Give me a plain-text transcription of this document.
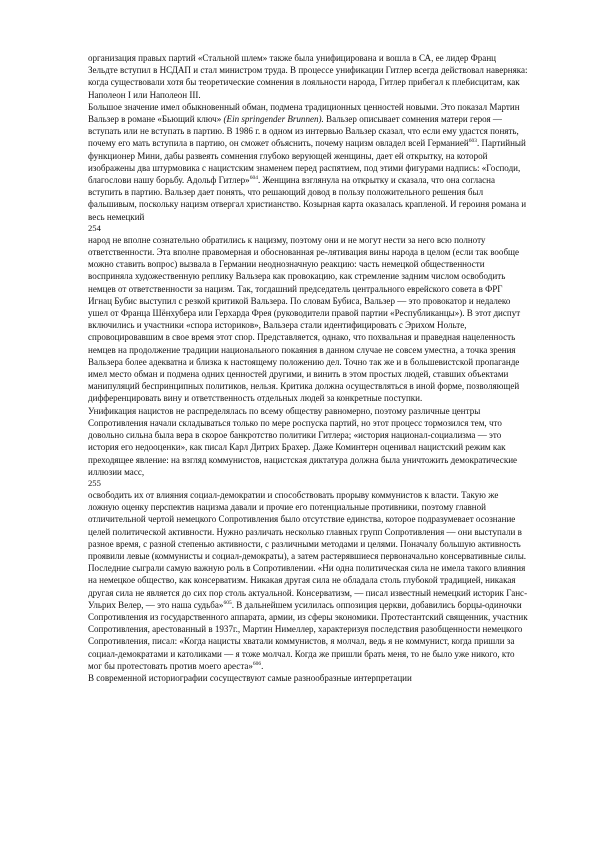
организация правых партий «Стальной шлем» также была унифицирована и вошла в СА, ее лидер Франц Зельдте вступил в НСДАП и стал министром труда. В процессе унификации Гитлер всегда действовал наверняка: когда существовали хотя бы теоретические сомнения в лояльности народа, Гитлер прибегал к плебисцитам, как Наполеон I или Наполеон III.

Большое значение имел обыкновенный обман, подмена традиционных ценностей новыми. Это показал Мартин Вальзер в романе «Бьющий ключ» (Ein springender Brunnen). Вальзер описывает сомнения матери героя — вступать или не вступать в партию. В 1986 г. в одном из интервью Вальзер сказал, что если ему удастся понять, почему его мать вступила в партию, он сможет объяснить, почему нацизм овладел всей Германией$^{603}$. Партийный функционер Мини, дабы развеять сомнения глубоко верующей женщины, дает ей открытку, на которой изображены два штурмовика с нацистским знаменем перед распятием, под этими фигурами надпись: «Господи, благослови нашу борьбу. Адольф Гитлер»$^{604}$. Женщина взглянула на открытку и сказала, что она согласна вступить в партию. Вальзер дает понять, что решающий довод в пользу положительного решения был фальшивым, поскольку нацизм отвергал христианство. Козырная карта оказалась крапленой. И героиня романа и весь немецкий

254

народ не вполне сознательно обратились к нацизму, поэтому они и не могут нести за него всю полноту ответственности. Эта вполне правомерная и обоснованная ре-лятивация вины народа в целом (если так вообще можно ставить вопрос) вызвала в Германии неоднозначную реакцию: часть немецкой общественности восприняла художественную реплику Вальзера как провокацию, как стремление задним числом освободить немцев от ответственности за нацизм. Так, тогдашний председатель центрального еврейского совета в ФРГ Игнац Бубис выступил с резкой критикой Вальзера. По словам Бубиса, Вальзер — это провокатор и недалеко ушел от Франца Шёнхубера или Герхарда Фрея (руководители правой партии «Республиканцы»). В этот диспут включились и участники «спора историков», Вальзера стали идентифицировать с Эрихом Нольте, спровоцировавшим в свое время этот спор. Представляется, однако, что похвальная и праведная нацеленность немцев на продолжение традиции национального покаяния в данном случае не совсем уместна, а точка зрения Вальзера более адекватна и близка к настоящему положению дел. Точно так же и в большевистской пропаганде имел место обман и подмена одних ценностей другими, и винить в этом простых людей, ставших объектами манипуляций беспринципных политиков, нельзя. Критика должна осуществляться в иной форме, позволяющей дифференцировать вину и ответственность отдельных людей за конкретные поступки.

Унификация нацистов не распределялась по всему обществу равномерно, поэтому различные центры Сопротивления начали складываться только по мере роспуска партий, но этот процесс тормозился тем, что довольно сильна была вера в скорое банкротство политики Гитлера; «история национал-социализма — это история его недооценки», как писал Карл Дитрих Брахер. Даже Коминтерн оценивал нацистский режим как преходящее явление: на взгляд коммунистов, нацистская диктатура должна была уничтожить демократические иллюзии масс,

255

освободить их от влияния социал-демократии и способствовать прорыву коммунистов к власти. Такую же ложную оценку перспектив нацизма давали и прочие его потенциальные противники, поэтому главной отличительной чертой немецкого Сопротивления было отсутствие единства, которое подразумевает осознание целей политической активности. Нужно различать несколько главных групп Сопротивления — они выступали в разное время, с разной степенью активности, с различными методами и целями. Поначалу большую активность проявили левые (коммунисты и социал-демократы), а затем растерявшиеся первоначально консервативные силы. Последние сыграли самую важную роль в Сопротивлении. «Ни одна политическая сила не имела такого влияния на немецкое общество, как консерватизм. Никакая другая сила не обладала столь глубокой традицией, никакая другая сила не является до сих пор столь актуальной. Консерватизм, — писал известный немецкий историк Ганс-Ульрих Велер, — это наша судьба»$^{605}$. В дальнейшем усилилась оппозиция церкви, добавились борцы-одиночки Сопротивления из государственного аппарата, армии, из сферы экономики. Протестантский священник, участник Сопротивления, арестованный в 1937г., Мартин Нимеллер, характеризуя последствия разобщенности немецкого Сопротивления, писал: «Когда нацисты хватали коммунистов, я молчал, ведь я не коммунист, когда пришли за социал-демократами и католиками — я тоже молчал. Когда же пришли брать меня, то не было уже никого, кто мог бы протестовать против моего ареста»$^{606}$.

В современной историографии сосуществуют самые разнообразные интерпретации
